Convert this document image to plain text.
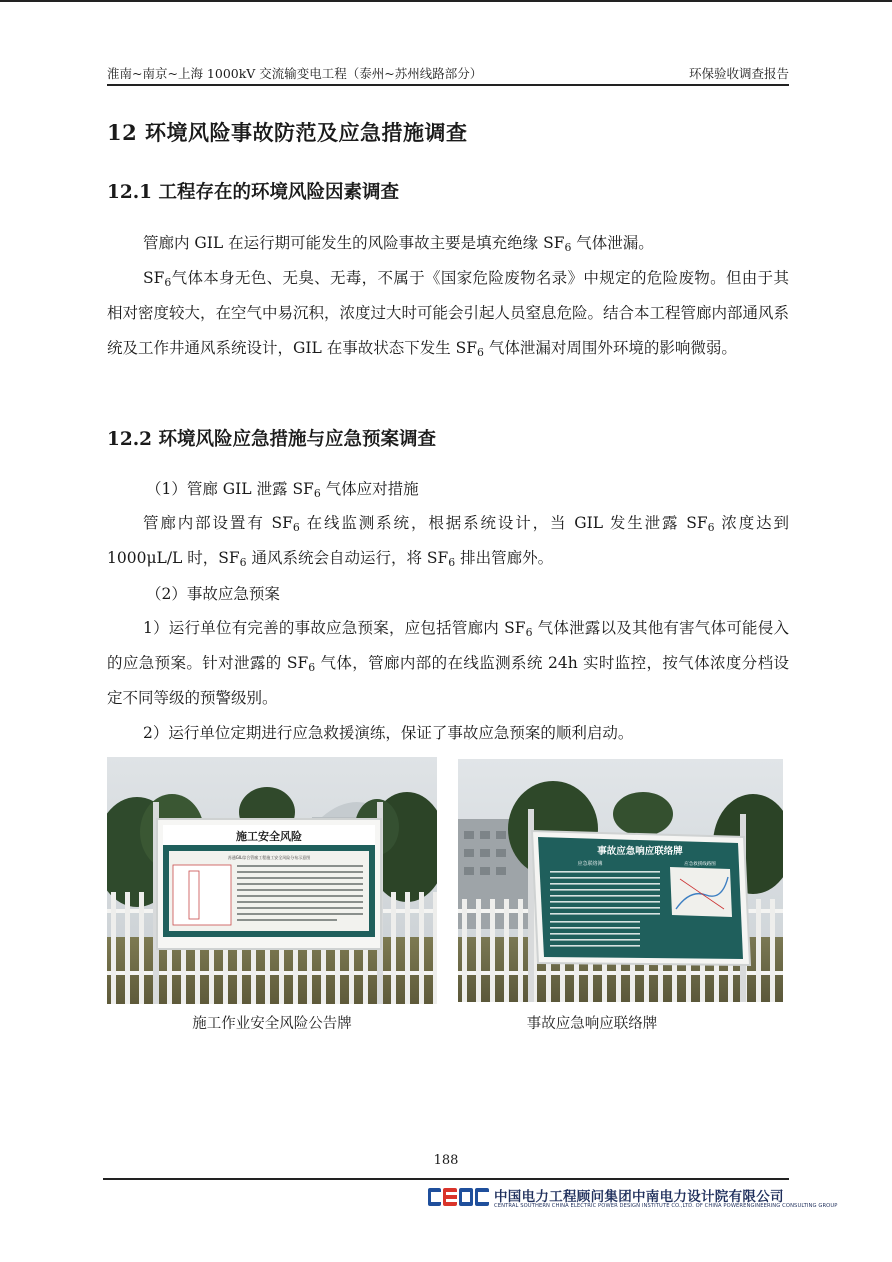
淮南~南京~上海 1000kV 交流输变电工程（泰州~苏州线路部分）	环保验收调查报告
12 环境风险事故防范及应急措施调查
12.1 工程存在的环境风险因素调查

管廊内 GIL 在运行期可能发生的风险事故主要是填充绝缘 $SF_6$ 气体泄漏。

$SF_6$气体本身无色、无臭、无毒，不属于《国家危险废物名录》中规定的危险废物。但由于其相对密度较大，在空气中易沉积，浓度过大时可能会引起人员窒息危险。结合本工程管廊内部通风系统及工作井通风系统设计，GIL 在事故状态下发生 $SF_6$ 气体泄漏对周围外环境的影响微弱。

12.2 环境风险应急措施与应急预案调查
（1）管廊 GIL 泄露 $SF_6$ 气体应对措施

管廊内部设置有 $SF_6$ 在线监测系统，根据系统设计，当 GIL 发生泄露 $SF_6$ 浓度达到 1000μL/L 时，$SF_6$ 通风系统会自动运行，将 $SF_6$ 排出管廊外。

（2）事故应急预案

1）运行单位有完善的事故应急预案，应包括管廊内 $SF_6$ 气体泄露以及其他有害气体可能侵入的应急预案。针对泄露的 $SF_6$ 气体，管廊内部的在线监测系统 24h 实时监控，按气体浓度分档设定不同等级的预警级别。

2）运行单位定期进行应急救援演练，保证了事故应急预案的顺利启动。

施工安全风险
苏通GIL综合管廊工程施工安全风险分布示意图
施工作业安全风险公告牌
事故应急响应联络牌
应急联络簿	应急救援线路图
事故应急响应联络牌
188
中国电力工程顾问集团中南电力设计院有限公司
CENTRAL SOUTHERN CHINA ELECTRIC POWER DESIGN INSTITUTE CO.,LTD. OF CHINA POWERENGINEERING CONSULTING GROUP
